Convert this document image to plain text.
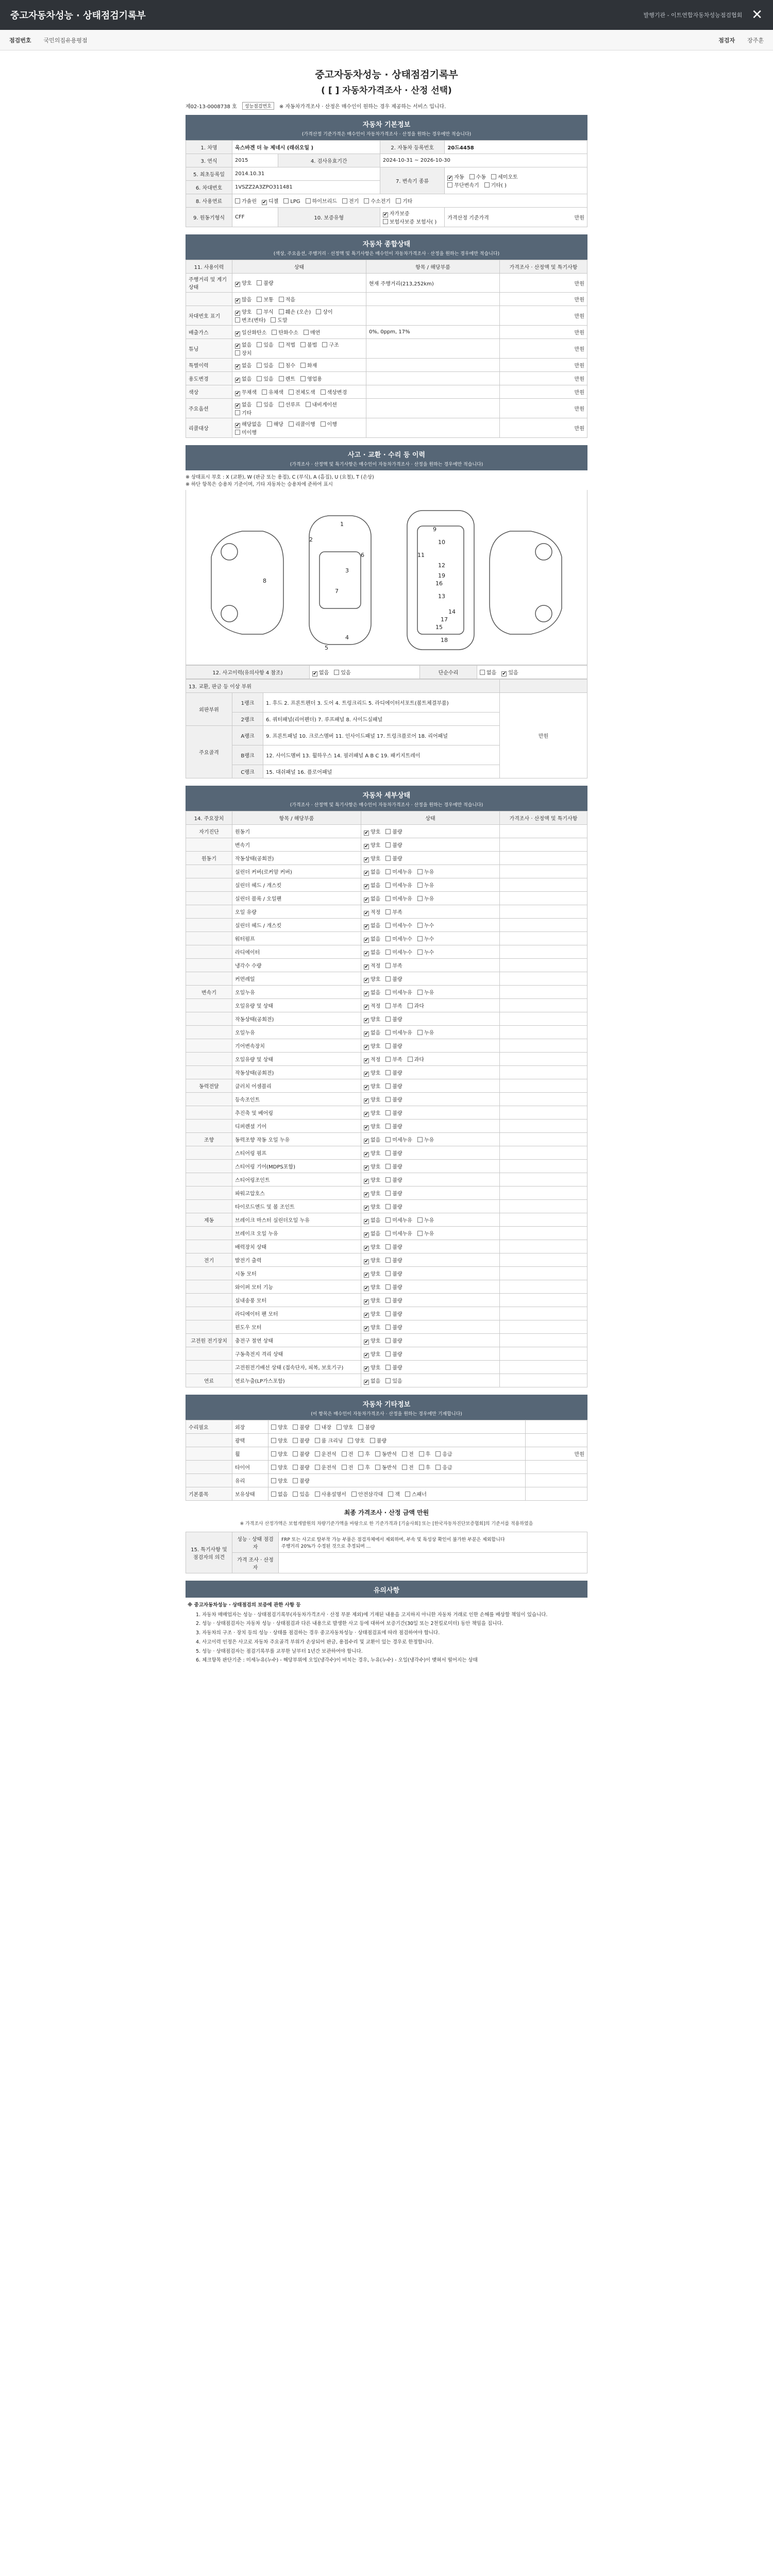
중고자동차성능 · 상태점검기록부	발행기관 - 이트연합자동차성능점검협회 ✕
점검번호 국민의집유용평점	점검자 장주훈
중고자동차성능 · 상태점검기록부
( [ ] 자동차가격조사 · 산정 선택)
제02-13-0008738 호	성능점검번호	※ 자동차가격조사 · 산정은 매수인이 원하는 경우 제공하는 서비스 입니다.
자동차 기본정보
(가격산정 기준가격은 매수인이 자동차가격조사 · 산정을 원하는 경우에만 적습니다)
1. 차명	옥스바겐 더 뉴 제네시 (래쉬오일 )		2. 자동차 등록번호	20드4458
3. 연식	2015	4. 검사유효기간	2024-10-31 ~ 2026-10-30	
5. 최초등록일	2014.10.31		7. 변속기 종류	✔자동 수동 세미오토
무단변속기 기타( )
6. 차대번호	1VSZZ2A3ZPO311481			
8. 사용연료	가솔린 ✔ 디젤 LPG 하이브리드 전기 수소전기 기타
9. 원동기형식	CFF	10. 보증유형	✔자가보증보험사보증 보험사( )	가격산정 기준가격 만원
자동차 종합상태
(색상, 주요옵션, 주행거리 · 선정액 및 특기사항은 매수인이 자동차가격조사 · 산정을 원하는 경우에만 적습니다)
11. 사용이력	상태	항목 / 해당부품	가격조사 · 산정액 및 특기사항
주행거리 및 계기상태	✔양호 불량	현재 주행거리(213,252km)	만원
	✔많음 보통 적음		만원
차대번호 표기	✔양호 부식 훼손 (오손) 상이변조(변타) 도말		만원
배출가스	✔일산화탄소 탄화수소 매연	0%, 0ppm, 17%	만원
튜닝	✔없음 있음 적법 불법 구조장치		만원
특별이력	✔없음 있음 침수 화재		만원
용도변경	✔없음 있음 렌트 영업용		만원
색상	✔무채색 유채색 전체도색 색상변경		만원
주요옵션	✔없음 있음 선루프 내비게이션기타		만원
리콜대상	✔해당없음 해당 리콜이행 이행미이행		만원
사고 · 교환 · 수리 등 이력
(가격조사 · 산정액 및 특기사항은 매수인이 자동차가격조사 · 산정을 원하는 경우에만 적습니다)
※ 상태표시 부호 : X (교환), W (판금 또는 용접), C (부식), A (흠집), U (요철), T (손상)
※ 하단 항목은 승용차 기준이며, 기타 자동차는 승용차에 준하여 표시
1
2
3
4
5
6
7
8
9
10
11
12
13
14
15
16
17
18
19
12. 사고이력(유의사항 4 참조)	✔없음 있음	단순수리	없음 ✔ 있음
13. 교환, 판금 등 이상 부위			
외판부위	1랭크	1. 후드 2. 프론트펜더 3. 도어 4. 트렁크리드 5. 라디에이터서포트(볼트체결부품)	만원
	2랭크	6. 쿼터패널(리어펜더) 7. 루프패널 8. 사이드실패널	
주요골격	A랭크	9. 프론트패널 10. 크로스멤버 11. 인사이드패널 17. 트렁크플로어 18. 리어패널	
	B랭크	12. 사이드멤버 13. 휠하우스 14. 필러패널 A B C 19. 패키지트레이	
	C랭크	15. 대쉬패널 16. 플로어패널	
자동차 세부상태
(가격조사 · 산정액 및 특기사항은 매수인이 자동차가격조사 · 산정을 원하는 경우에만 적습니다)
14. 주요장치	항목 / 해당부품	상태	가격조사 · 산정액 및 특기사항
자기진단	원동기	✔양호 불량	
	변속기	✔양호 불량	
원동기	작동상태(공회전)	✔양호 불량	
	실린더 커버(로커암 커버)	✔없음 미세누유 누유	
	실린더 헤드 / 개스킷	✔없음 미세누유 누유	
	실린더 블록 / 오일팬	✔없음 미세누유 누유	
	오일 유량	✔적정 부족	
	실린더 헤드 / 개스킷	✔없음 미세누수 누수	
	워터펌프	✔없음 미세누수 누수	
	라디에이터	✔없음 미세누수 누수	
	냉각수 수량	✔적정 부족	
	커먼레일	✔양호 불량	
변속기	오일누유	✔없음 미세누유 누유	
	오일유량 및 상태	✔적정 부족 과다	
	작동상태(공회전)	✔양호 불량	
	오일누유	✔없음 미세누유 누유	
	기어변속장치	✔양호 불량	
	오일유량 및 상태	✔적정 부족 과다	
	작동상태(공회전)	✔양호 불량	
동력전달	클러치 어셈블리	✔양호 불량	
	등속조인트	✔양호 불량	
	추진축 및 베어링	✔양호 불량	
	디퍼렌셜 기어	✔양호 불량	
조향	동력조향 작동 오일 누유	✔없음 미세누유 누유	
	스티어링 펌프	✔양호 불량	
	스티어링 기어(MDPS포함)	✔양호 불량	
	스티어링조인트	✔양호 불량	
	파워고압호스	✔양호 불량	
	타이로드엔드 및 볼 조인트	✔양호 불량	
제동	브레이크 마스터 실린더오일 누유	✔없음 미세누유 누유	
	브레이크 오일 누유	✔없음 미세누유 누유	
	배력장치 상태	✔양호 불량	
전기	발전기 출력	✔양호 불량	
	시동 모터	✔양호 불량	
	와이퍼 모터 기능	✔양호 불량	
	실내송풍 모터	✔양호 불량	
	라디에이터 팬 모터	✔양호 불량	
	윈도우 모터	✔양호 불량	
고전원 전기장치	충전구 절연 상태	✔양호 불량	
	구동축전지 격리 상태	✔양호 불량	
	고전원전기배선 상태 (접속단자, 피복, 보호기구)	✔양호 불량	
연료	연료누출(LP가스포함)	✔없음 있음	
자동차 기타정보
(이 항목은 매수인이 자동차가격조사 · 산정을 원하는 경우에만 기재합니다)
수리필요	외장	양호 불량 내장 양호 불량	
	광택	양호 불량 룸 크리닝 양호 불량	
	휠	양호 불량 운전석 전 후 동반석 전 후 응급	만원
	타이어	양호 불량 운전석 전 후 동반석 전 후 응급	
	유리	양호 불량	
기본품목	보유상태	없음 있음 사용설명서 안전삼각대 잭 스패너	
최종 가격조사 · 산정 금액 만원
※ 가격조사 산정가액은 보험개발원의 차량기준가액을 바탕으로 한 기준가격과 [기술사회] 또는 [한국자동차진단보증협회]의 기준서를 적용하였음
15. 특기사항 및 점검자의 의견	성능 · 상태 점검자	FRP 또는 사고로 탈부착 가능 부품은 점검자체에서 제외하며, 부속 및 특성상 확인이 불가한 부분은 제외합니다
주행거리 20%가 수정된 것으로 추정되며 ...
	가격 조사 · 산정자	
유의사항
※ 중고자동차성능 · 상태점검의 보증에 관한 사항 등
1. 자동차 매매업자는 성능 · 상태점검기록부(자동차가격조사 · 산정 부분 제외)에 기재된 내용을 고지하지 아니한 자동차 거래로 인한 손해를 배상할 책임이 있습니다.
2. 성능 · 상태점검자는 자동차 성능 · 상태점검과 다른 내용으로 발생한 사고 등에 대하여 보증기간(30일 또는 2천킬로미터) 동안 책임을 집니다.
3. 자동차의 구조 · 장치 등의 성능 · 상태를 점검하는 경우 중고자동차성능 · 상태점검표에 따라 점검하여야 합니다.
4. 사고이력 인정은 사고로 자동차 주요골격 부위가 손상되어 판금, 용접수리 및 교환이 있는 경우로 한정합니다.
5. 성능 · 상태점검자는 점검기록부를 교부한 날부터 1년간 보관하여야 합니다.
6. 체크항목 판단기준 : 미세누유(누수) - 해당부위에 오일(냉각수)이 비치는 경우, 누유(누수) - 오일(냉각수)이 맺혀서 떨어지는 상태
